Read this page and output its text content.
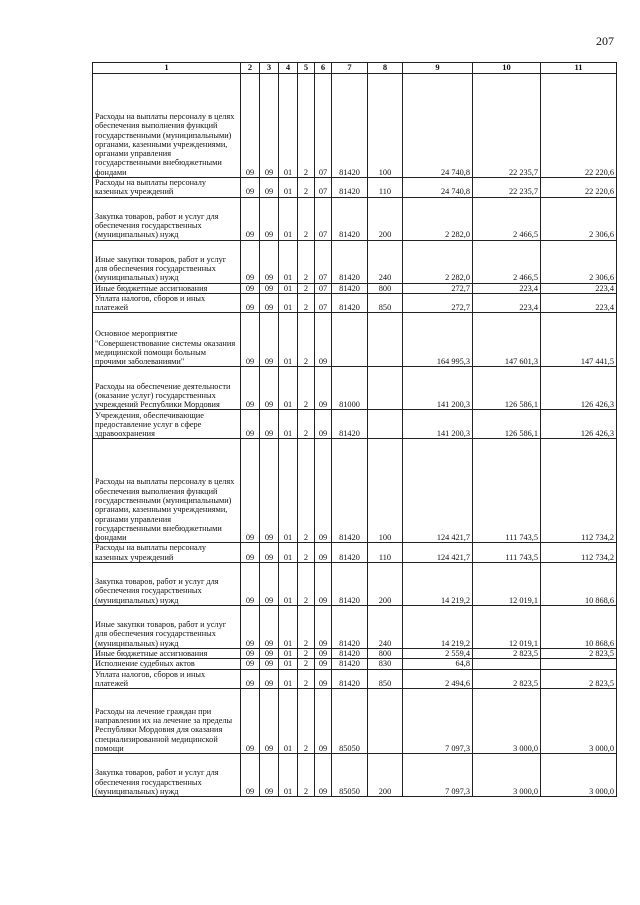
207
1	2	3	4	5	6	7	8	9	10	11
Расходы на выплаты персоналу в целях обеспечения выполнения функций государственными (муниципальными) органами, казенными учреждениями, органами управления государственными внебюджетными фондами	09	09	01	2	07	81420	100	24 740,8	22 235,7	22 220,6
Расходы на выплаты персоналу казенных учреждений	09	09	01	2	07	81420	110	24 740,8	22 235,7	22 220,6
Закупка товаров, работ и услуг для обеспечения государственных (муниципальных) нужд	09	09	01	2	07	81420	200	2 282,0	2 466,5	2 306,6
Иные закупки товаров, работ и услуг для обеспечения государственных (муниципальных) нужд	09	09	01	2	07	81420	240	2 282,0	2 466,5	2 306,6
Иные бюджетные ассигнования	09	09	01	2	07	81420	800	272,7	223,4	223,4
Уплата налогов, сборов и иных платежей	09	09	01	2	07	81420	850	272,7	223,4	223,4
Основное мероприятие "Совершенствование системы оказания медицинской помощи больным прочими заболеваниями"	09	09	01	2	09			164 995,3	147 601,3	147 441,5
Расходы на обеспечение деятельности (оказание услуг) государственных учреждений Республики Мордовия	09	09	01	2	09	81000		141 200,3	126 586,1	126 426,3
Учреждения, обеспечивающие предоставление услуг в сфере здравоохранения	09	09	01	2	09	81420		141 200,3	126 586,1	126 426,3
Расходы на выплаты персоналу в целях обеспечения выполнения функций государственными (муниципальными) органами, казенными учреждениями, органами управления государственными внебюджетными фондами	09	09	01	2	09	81420	100	124 421,7	111 743,5	112 734,2
Расходы на выплаты персоналу казенных учреждений	09	09	01	2	09	81420	110	124 421,7	111 743,5	112 734,2
Закупка товаров, работ и услуг для обеспечения государственных (муниципальных) нужд	09	09	01	2	09	81420	200	14 219,2	12 019,1	10 868,6
Иные закупки товаров, работ и услуг для обеспечения государственных (муниципальных) нужд	09	09	01	2	09	81420	240	14 219,2	12 019,1	10 868,6
Иные бюджетные ассигнования	09	09	01	2	09	81420	800	2 559,4	2 823,5	2 823,5
Исполнение судебных актов	09	09	01	2	09	81420	830	64,8		
Уплата налогов, сборов и иных платежей	09	09	01	2	09	81420	850	2 494,6	2 823,5	2 823,5
Расходы на лечение граждан при направлении их на лечение за пределы Республики Мордовия для оказания специализированной медицинской помощи	09	09	01	2	09	85050		7 097,3	3 000,0	3 000,0
Закупка товаров, работ и услуг для обеспечения государственных (муниципальных) нужд	09	09	01	2	09	85050	200	7 097,3	3 000,0	3 000,0
